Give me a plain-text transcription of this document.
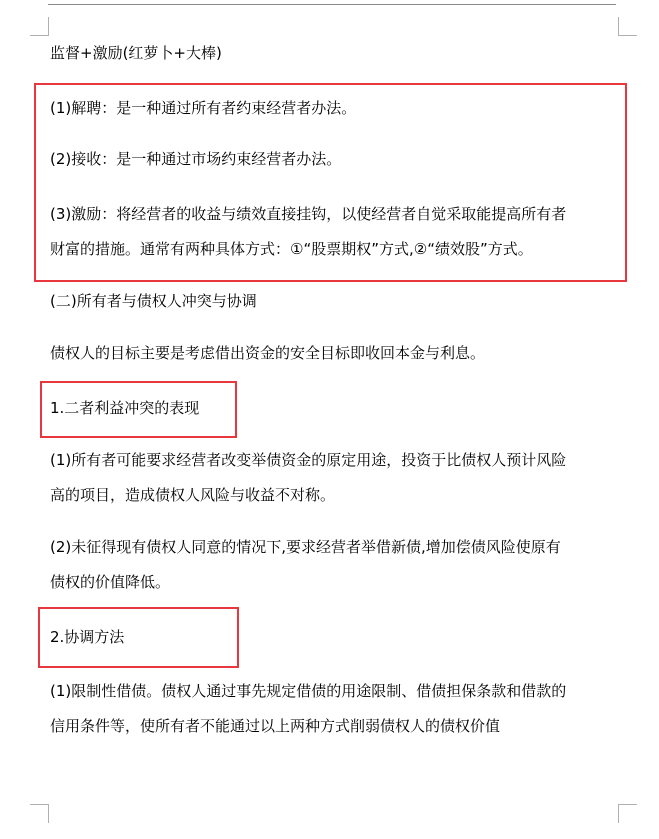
监督+激励(红萝卜+大棒)
(1)解聘：是一种通过所有者约束经营者办法。
(2)接收：是一种通过市场约束经营者办法。
(3)激励：将经营者的收益与绩效直接挂钩，以使经营者自觉采取能提高所有者
财富的措施。通常有两种具体方式：①“股票期权”方式,②“绩效股”方式。
(二)所有者与债权人冲突与协调
债权人的目标主要是考虑借出资金的安全目标即收回本金与利息。
1.二者利益冲突的表现
(1)所有者可能要求经营者改变举债资金的原定用途，投资于比债权人预计风险
高的项目，造成债权人风险与收益不对称。
(2)未征得现有债权人同意的情况下,要求经营者举借新债,增加偿债风险使原有
债权的价值降低。
2.协调方法
(1)限制性借债。债权人通过事先规定借债的用途限制、借债担保条款和借款的
信用条件等，使所有者不能通过以上两种方式削弱债权人的债权价值
